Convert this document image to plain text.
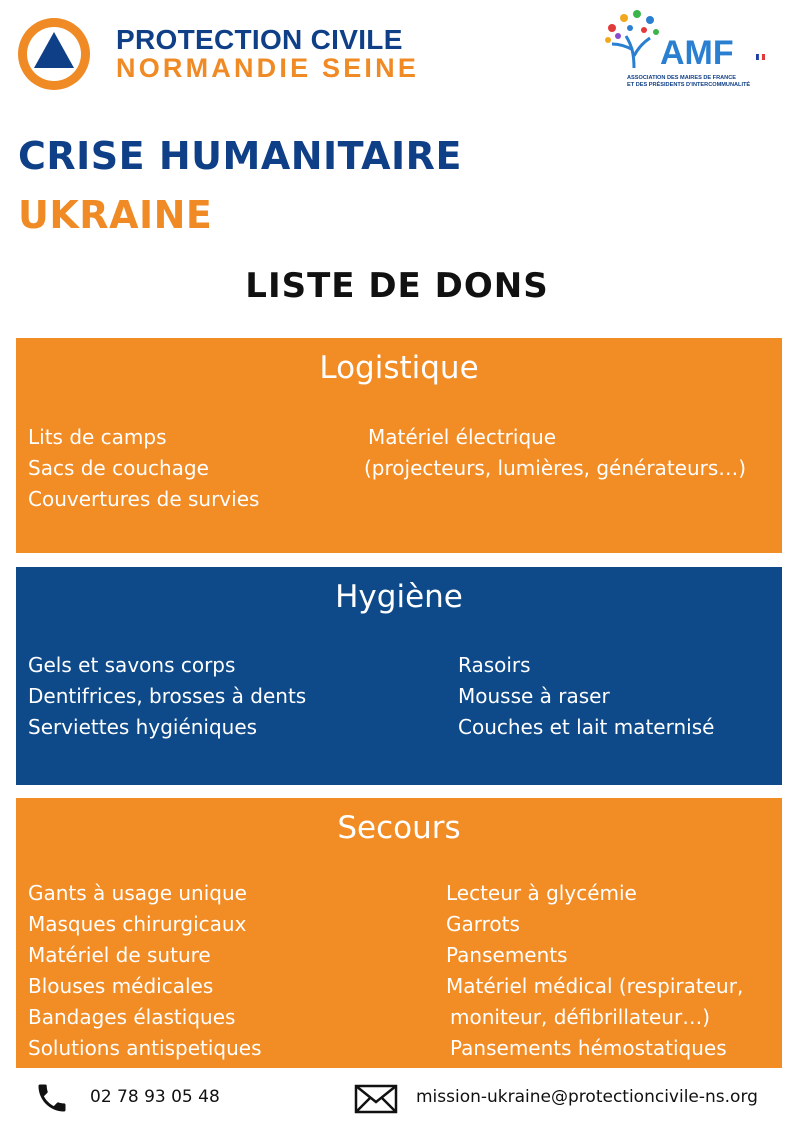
PROTECTION CIVILE
NORMANDIE SEINE	AMF
ASSOCIATION DES MAIRES DE FRANCE
ET DES PRÉSIDENTS D'INTERCOMMUNALITÉ
CRISE HUMANITAIRE
UKRAINE
LISTE DE DONS
Logistique
Lits de camps
Sacs de couchage
Couvertures de survies
Matériel électrique
(projecteurs, lumières, générateurs…)
Hygiène
Gels et savons corps
Dentifrices, brosses à dents
Serviettes hygiéniques
Rasoirs
Mousse à raser
Couches et lait maternisé
Secours
Gants à usage unique
Masques chirurgicaux
Matériel de suture
Blouses médicales
Bandages élastiques
Solutions antispetiques
Lecteur à glycémie
Garrots
Pansements
Matériel médical (respirateur,
moniteur, défibrillateur…)
Pansements hémostatiques
02 78 93 05 48	mission-ukraine@protectioncivile-ns.org
